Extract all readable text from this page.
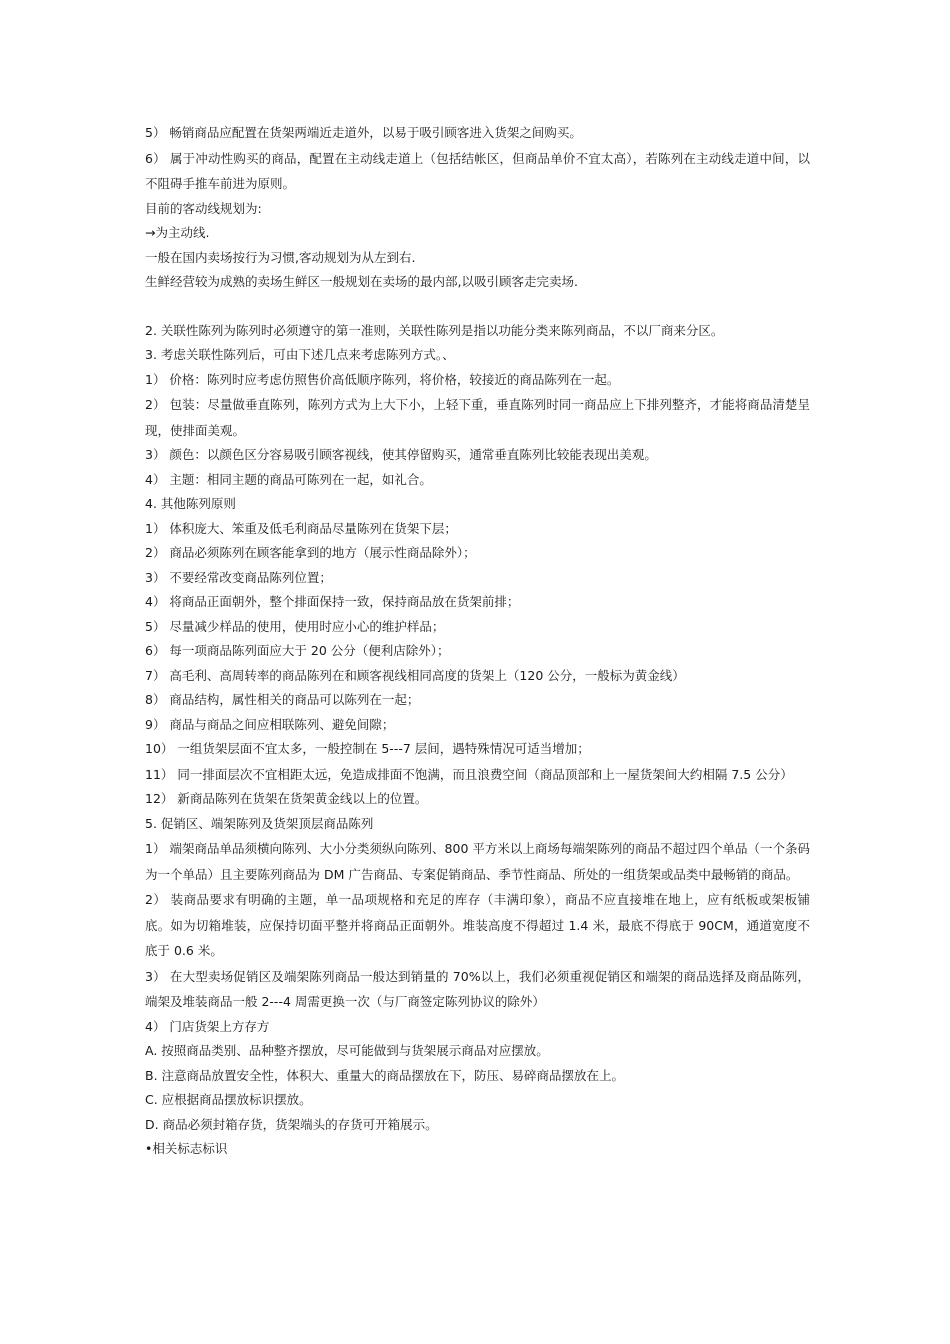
5） 畅销商品应配置在货架两端近走道外，以易于吸引顾客进入货架之间购买。
6） 属于冲动性购买的商品，配置在主动线走道上（包括结帐区，但商品单价不宜太高），若陈列在主动线走道中间，以不阻碍手推车前进为原则。
目前的客动线规划为:
→为主动线.
一般在国内卖场按行为习惯,客动规划为从左到右.
生鲜经营较为成熟的卖场生鲜区一般规划在卖场的最内部,以吸引顾客走完卖场.
2. 关联性陈列为陈列时必须遵守的第一准则，关联性陈列是指以功能分类来陈列商品，不以厂商来分区。
3. 考虑关联性陈列后，可由下述几点来考虑陈列方式。、
1） 价格：陈列时应考虑仿照售价高低顺序陈列，将价格，较接近的商品陈列在一起。
2） 包装：尽量做垂直陈列，陈列方式为上大下小，上轻下重，垂直陈列时同一商品应上下排列整齐，才能将商品清楚呈现，使排面美观。
3） 颜色：以颜色区分容易吸引顾客视线，使其停留购买，通常垂直陈列比较能表现出美观。
4） 主题：相同主题的商品可陈列在一起，如礼合。
4. 其他陈列原则
1） 体积庞大、笨重及低毛利商品尽量陈列在货架下层；
2） 商品必须陈列在顾客能拿到的地方（展示性商品除外）；
3） 不要经常改变商品陈列位置；
4） 将商品正面朝外，整个排面保持一致，保持商品放在货架前排；
5） 尽量减少样品的使用，使用时应小心的维护样品；
6） 每一项商品陈列面应大于 20 公分（便利店除外）；
7） 高毛利、高周转率的商品陈列在和顾客视线相同高度的货架上（120 公分，一般标为黄金线）
8） 商品结构，属性相关的商品可以陈列在一起；
9） 商品与商品之间应相联陈列、避免间隙；
10） 一组货架层面不宜太多，一般控制在 5---7 层间，遇特殊情况可适当增加；
11） 同一排面层次不宜相距太远，免造成排面不饱满，而且浪费空间（商品顶部和上一屋货架间大约相隔 7.5 公分）
12） 新商品陈列在货架在货架黄金线以上的位置。
5. 促销区、端架陈列及货架顶层商品陈列
1） 端架商品单品须横向陈列、大小分类须纵向陈列、800 平方米以上商场每端架陈列的商品不超过四个单品（一个条码为一个单品）且主要陈列商品为 DM 广告商品、专案促销商品、季节性商品、所处的一组货架或品类中最畅销的商品。
2） 装商品要求有明确的主题，单一品项规格和充足的库存（丰满印象），商品不应直接堆在地上，应有纸板或架板铺底。如为切箱堆装，应保持切面平整并将商品正面朝外。堆装高度不得超过 1.4 米，最底不得底于 90CM，通道宽度不底于 0.6 米。
3） 在大型卖场促销区及端架陈列商品一般达到销量的 70%以上，我们必须重视促销区和端架的商品选择及商品陈列，端架及堆装商品一般 2---4 周需更换一次（与厂商签定陈列协议的除外）
4） 门店货架上方存方
A. 按照商品类别、品种整齐摆放，尽可能做到与货架展示商品对应摆放。
B. 注意商品放置安全性，体积大、重量大的商品摆放在下，防压、易碎商品摆放在上。
C. 应根据商品摆放标识摆放。
D. 商品必须封箱存货，货架端头的存货可开箱展示。
•相关标志标识
